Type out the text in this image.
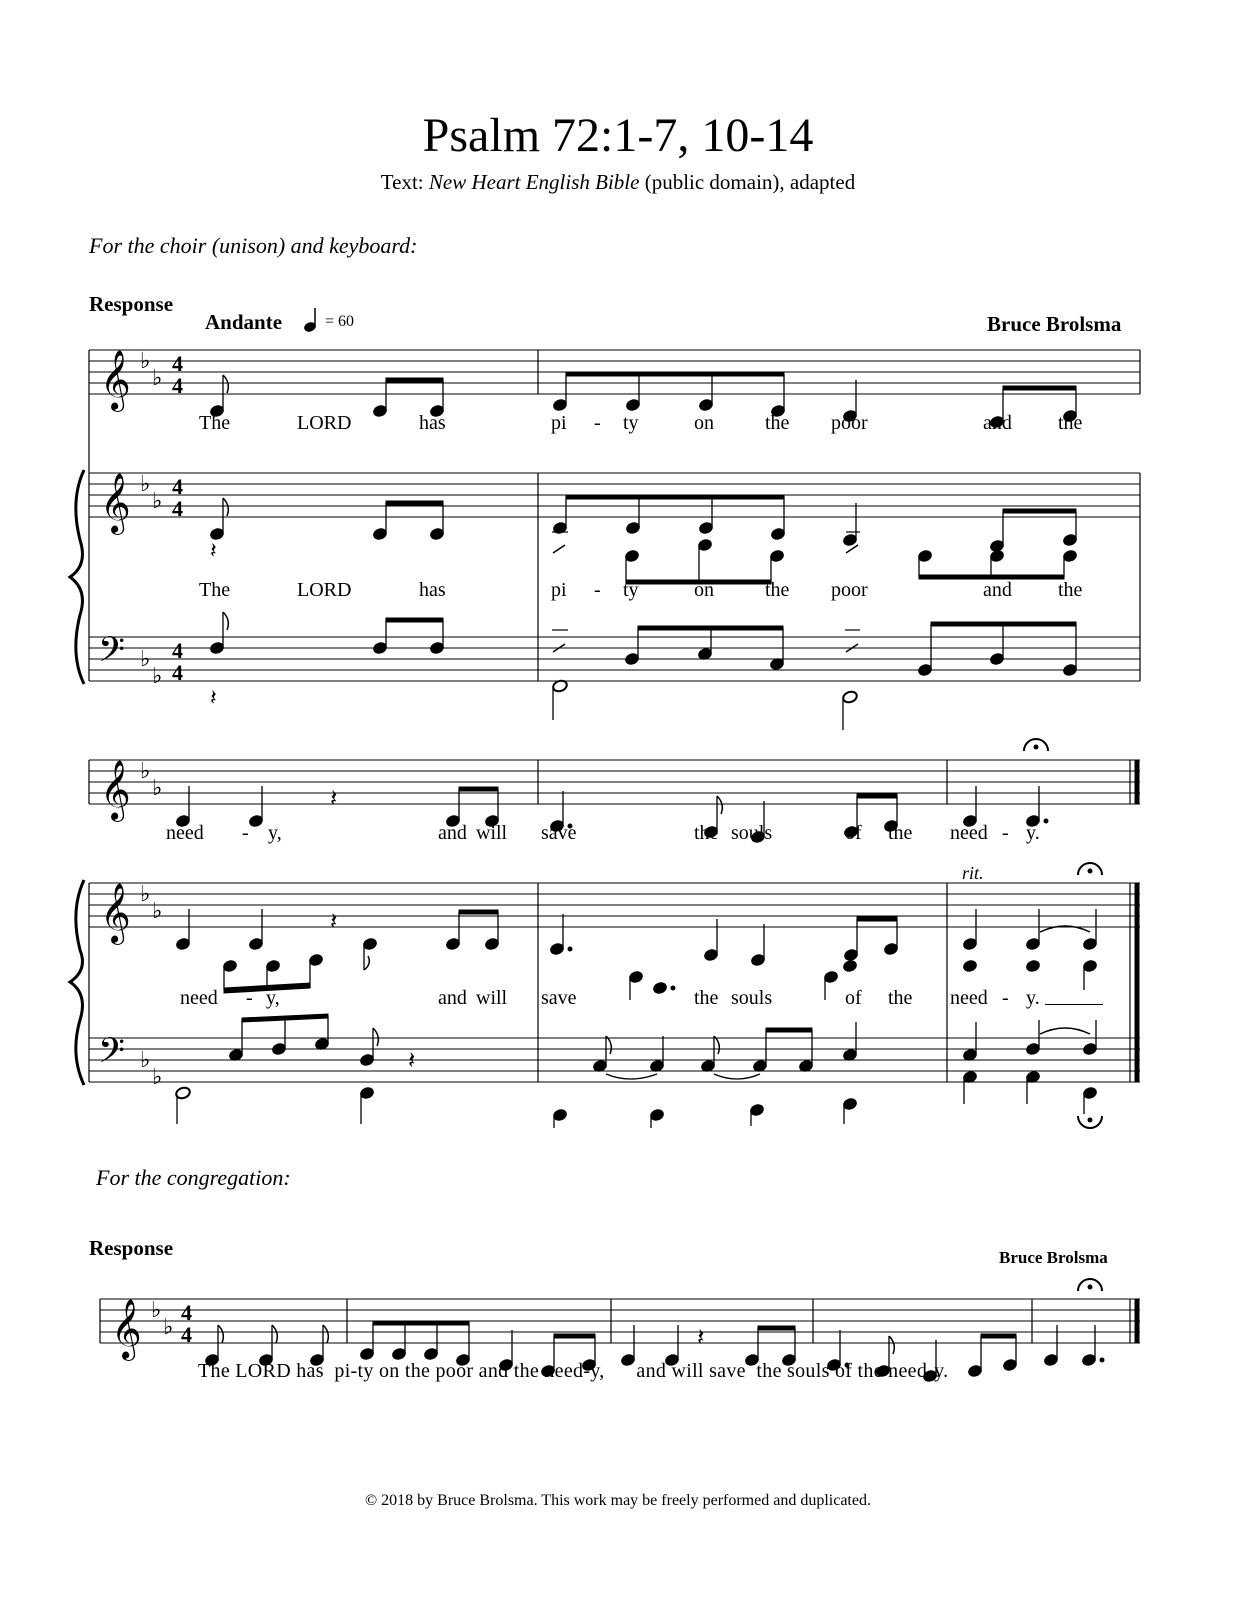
Psalm 72:1-7, 10-14
Text: New Heart English Bible (public domain), adapted
For the choir (unison) and keyboard:
Response
Andante	= 60	Bruce Brolsma
𝄞
𝄞
𝄢
♭
♭
♭
♭
♭
♭
4
4
4
4
4
4
𝄽
𝄽
𝄞
𝄞
𝄢
♭
♭
♭
♭
♭
♭
𝄽
𝄽
𝄽
𝄞 ♭
♭
4
4	𝄽
The	LORD	has	pi - ty	on	the poor	and the
The	LORD	has	pi - ty	on	the poor	and the
need - y,	and will save	the souls	of the need - y.
rit.
need - y,	and will save	the souls	of the need - y.
For the congregation:
Response	Bruce Brolsma
The LORD has  pi-ty on the poor and the need-y,      and will save  the souls of the need-y.
© 2018 by Bruce Brolsma. This work may be freely performed and duplicated.
